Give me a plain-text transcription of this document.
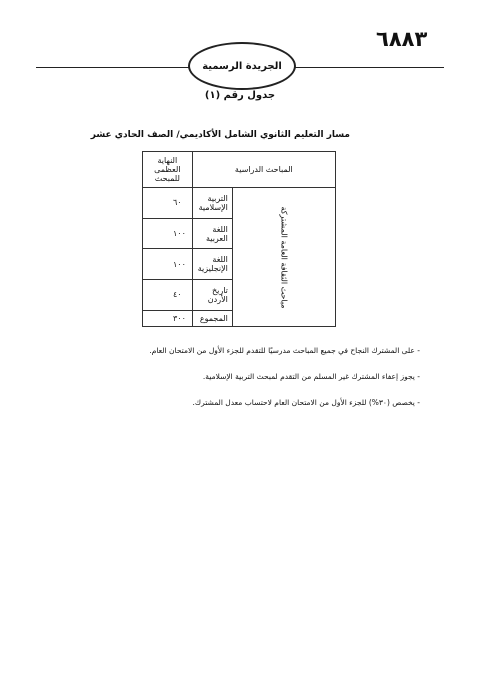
٦٨٨٣
الجريدة الرسمية
جدول رقم (١)
مسار التعليم الثانوي الشامل الأكاديمي/ الصف الحادي عشر
المباحث الدراسية		النهاية العظمى للمبحث
مباحث الثقافة العامة المشتركة	التربية الإسلامية	٦٠
	اللغة العربية	١٠٠
	اللغة الإنجليزية	١٠٠
	تاريخ الأردن	٤٠
	المجموع	٣٠٠
- على المشترك النجاح في جميع المباحث مدرسيًا للتقدم للجزء الأول من الامتحان العام.
- يجوز إعفاء المشترك غير المسلم من التقدم لمبحث التربية الإسلامية.
- يخصص (٣٠%) للجزء الأول من الامتحان العام لاحتساب معدل المشترك.
